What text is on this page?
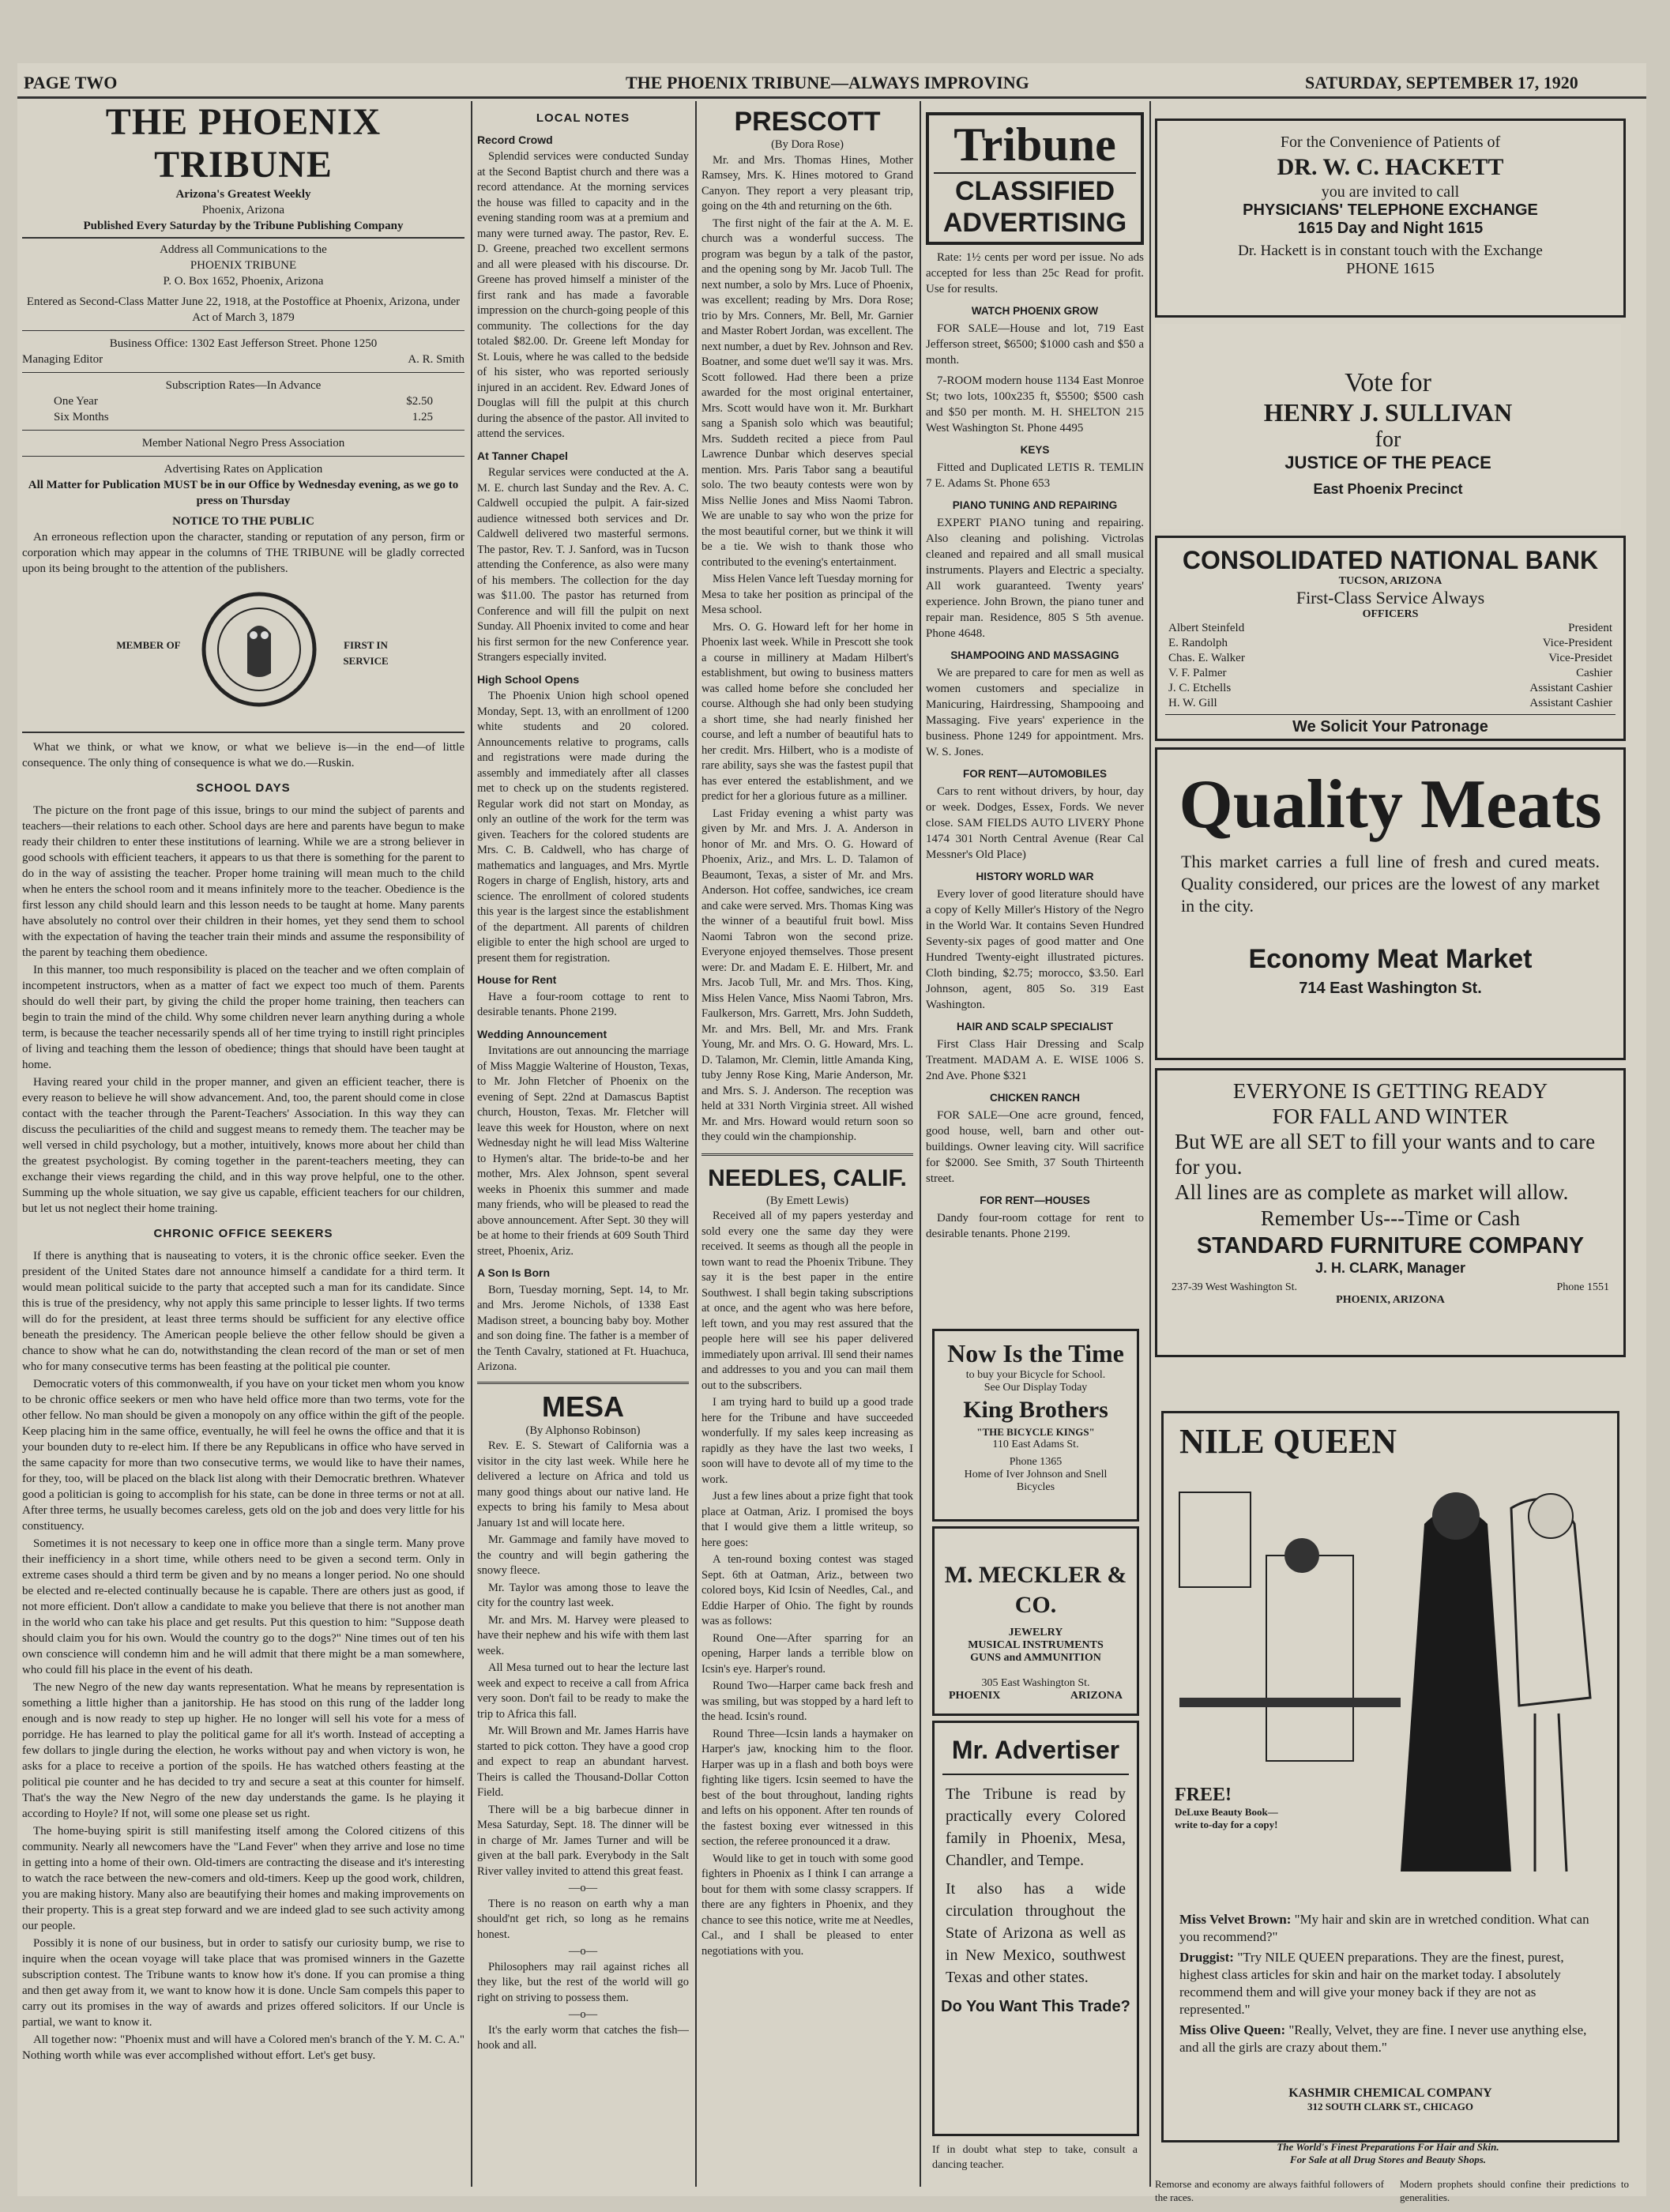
PAGE TWO	THE PHOENIX TRIBUNE—ALWAYS IMPROVING	SATURDAY, SEPTEMBER 17, 1920
THE PHOENIX TRIBUNE
Arizona's Greatest Weekly
Phoenix, Arizona
Published Every Saturday by the Tribune Publishing Company
Address all Communications to the
PHOENIX TRIBUNE
P. O. Box 1652, Phoenix, Arizona
Entered as Second-Class Matter June 22, 1918, at the Postoffice at Phoenix, Arizona, under Act of March 3, 1879
Business Office: 1302 East Jefferson Street. Phone 1250
Managing Editor	A. R. Smith
Subscription Rates—In Advance
One Year	$2.50
Six Months	1.25
Member National Negro Press Association
Advertising Rates on Application
All Matter for Publication MUST be in our Office by Wednesday evening, as we go to press on Thursday
NOTICE TO THE PUBLIC

An erroneous reflection upon the character, standing or reputation of any person, firm or corporation which may appear in the columns of THE TRIBUNE will be gladly corrected upon its being brought to the attention of the publishers.

MEMBER OF	FIRST IN SERVICE

What we think, or what we know, or what we believe is—in the end—of little consequence. The only thing of consequence is what we do.—Ruskin.

SCHOOL DAYS

The picture on the front page of this issue, brings to our mind the subject of parents and teachers—their relations to each other. School days are here and parents have begun to make ready their children to enter these institutions of learning. While we are a strong believer in good schools with efficient teachers, it appears to us that there is something for the parent to do in the way of assisting the teacher. Proper home training will mean much to the child when he enters the school room and it means infinitely more to the teacher. Obedience is the first lesson any child should learn and this lesson needs to be taught at home. Many parents have absolutely no control over their children in their homes, yet they send them to school with the expectation of having the teacher train their minds and assume the responsibility of the parent by teaching them obedience.

In this manner, too much responsibility is placed on the teacher and we often complain of incompetent instructors, when as a matter of fact we expect too much of them. Parents should do well their part, by giving the child the proper home training, then teachers can begin to train the mind of the child. Why some children never learn anything during a whole term, is because the teacher necessarily spends all of her time trying to instill right principles of living and teaching them the lesson of obedience; things that should have been taught at home.

Having reared your child in the proper manner, and given an efficient teacher, there is every reason to believe he will show advancement. And, too, the parent should come in close contact with the teacher through the Parent-Teachers' Association. In this way they can discuss the peculiarities of the child and suggest means to remedy them. The teacher may be well versed in child psychology, but a mother, intuitively, knows more about her child than the greatest psychologist. By coming together in the parent-teachers meeting, they can exchange their views regarding the child, and in this way prove helpful, one to the other. Summing up the whole situation, we say give us capable, efficient teachers for our children, but let us not neglect their home training.

CHRONIC OFFICE SEEKERS

If there is anything that is nauseating to voters, it is the chronic office seeker. Even the president of the United States dare not announce himself a candidate for a third term. It would mean political suicide to the party that accepted such a man for its candidate. Since this is true of the presidency, why not apply this same principle to lesser lights. If two terms will do for the president, at least three terms should be sufficient for any elective office beneath the presidency. The American people believe the other fellow should be given a chance to show what he can do, notwithstanding the clean record of the man or set of men who for many consecutive terms has been feasting at the political pie counter.

Democratic voters of this commonwealth, if you have on your ticket men whom you know to be chronic office seekers or men who have held office more than two terms, vote for the other fellow. No man should be given a monopoly on any office within the gift of the people. Keep placing him in the same office, eventually, he will feel he owns the office and that it is your bounden duty to re-elect him. If there be any Republicans in office who have served in the same capacity for more than two consecutive terms, we would like to have their names, for they, too, will be placed on the black list along with their Democratic brethren. Whatever good a politician is going to accomplish for his state, can be done in three terms or not at all. After three terms, he usually becomes careless, gets old on the job and does very little for his constituency.

Sometimes it is not necessary to keep one in office more than a single term. Many prove their inefficiency in a short time, while others need to be given a second term. Only in extreme cases should a third term be given and by no means a longer period. No one should be elected and re-elected continually because he is capable. There are others just as good, if not more efficient. Don't allow a candidate to make you believe that there is not another man in the world who can take his place and get results. Put this question to him: "Suppose death should claim you for his own. Would the country go to the dogs?" Nine times out of ten his own conscience will condemn him and he will admit that there might be a man somewhere, who could fill his place in the event of his death.

The new Negro of the new day wants representation. What he means by representation is something a little higher than a janitorship. He has stood on this rung of the ladder long enough and is now ready to step up higher. He no longer will sell his vote for a mess of porridge. He has learned to play the political game for all it's worth. Instead of accepting a few dollars to jingle during the election, he works without pay and when victory is won, he asks for a place to receive a portion of the spoils. He has watched others feasting at the political pie counter and he has decided to try and secure a seat at this counter for himself. That's the way the New Negro of the new day understands the game. Is he playing it according to Hoyle? If not, will some one please set us right.

The home-buying spirit is still manifesting itself among the Colored citizens of this community. Nearly all newcomers have the "Land Fever" when they arrive and lose no time in getting into a home of their own. Old-timers are contracting the disease and it's interesting to watch the race between the new-comers and old-timers. Keep up the good work, children, you are making history. Many also are beautifying their homes and making improvements on their property. This is a great step forward and we are indeed glad to see such activity among our people.

Possibly it is none of our business, but in order to satisfy our curiosity bump, we rise to inquire when the ocean voyage will take place that was promised winners in the Gazette subscription contest. The Tribune wants to know how it's done. If you can promise a thing and then get away from it, we want to know how it is done. Uncle Sam compels this paper to carry out its promises in the way of awards and prizes offered solicitors. If our Uncle is partial, we want to know it.

All together now: "Phoenix must and will have a Colored men's branch of the Y. M. C. A." Nothing worth while was ever accomplished without effort. Let's get busy.

LOCAL NOTES
Record Crowd

Splendid services were conducted Sunday at the Second Baptist church and there was a record attendance. At the morning services the house was filled to capacity and in the evening standing room was at a premium and many were turned away. The pastor, Rev. E. D. Greene, preached two excellent sermons and all were pleased with his discourse. Dr. Greene has proved himself a minister of the first rank and has made a favorable impression on the church-going people of this community. The collections for the day totaled $82.00. Dr. Greene left Monday for St. Louis, where he was called to the bedside of his sister, who was reported seriously injured in an accident. Rev. Edward Jones of Douglas will fill the pulpit at this church during the absence of the pastor. All invited to attend the services.

At Tanner Chapel

Regular services were conducted at the A. M. E. church last Sunday and the Rev. A. C. Caldwell occupied the pulpit. A fair-sized audience witnessed both services and Dr. Caldwell delivered two masterful sermons. The pastor, Rev. T. J. Sanford, was in Tucson attending the Conference, as also were many of his members. The collection for the day was $11.00. The pastor has returned from Conference and will fill the pulpit on next Sunday. All Phoenix invited to come and hear his first sermon for the new Conference year. Strangers especially invited.

High School Opens

The Phoenix Union high school opened Monday, Sept. 13, with an enrollment of 1200 white students and 20 colored. Announcements relative to programs, calls and registrations were made during the assembly and immediately after all classes met to check up on the students registered. Regular work did not start on Monday, as only an outline of the work for the term was given. Teachers for the colored students are Mrs. C. B. Caldwell, who has charge of mathematics and languages, and Mrs. Myrtle Rogers in charge of English, history, arts and science. The enrollment of colored students this year is the largest since the establishment of the department. All parents of children eligible to enter the high school are urged to present them for registration.

House for Rent

Have a four-room cottage to rent to desirable tenants. Phone 2199.

Wedding Announcement

Invitations are out announcing the marriage of Miss Maggie Walterine of Houston, Texas, to Mr. John Fletcher of Phoenix on the evening of Sept. 22nd at Damascus Baptist church, Houston, Texas. Mr. Fletcher will leave this week for Houston, where on next Wednesday night he will lead Miss Walterine to Hymen's altar. The bride-to-be and her mother, Mrs. Alex Johnson, spent several weeks in Phoenix this summer and made many friends, who will be pleased to read the above announcement. After Sept. 30 they will be at home to their friends at 609 South Third street, Phoenix, Ariz.

A Son Is Born

Born, Tuesday morning, Sept. 14, to Mr. and Mrs. Jerome Nichols, of 1338 East Madison street, a bouncing baby boy. Mother and son doing fine. The father is a member of the Tenth Cavalry, stationed at Ft. Huachuca, Arizona.

MESA
(By Alphonso Robinson)

Rev. E. S. Stewart of California was a visitor in the city last week. While here he delivered a lecture on Africa and told us many good things about our native land. He expects to bring his family to Mesa about January 1st and will locate here.

Mr. Gammage and family have moved to the country and will begin gathering the snowy fleece.

Mr. Taylor was among those to leave the city for the country last week.

Mr. and Mrs. M. Harvey were pleased to have their nephew and his wife with them last week.

All Mesa turned out to hear the lecture last week and expect to receive a call from Africa very soon. Don't fail to be ready to make the trip to Africa this fall.

Mr. Will Brown and Mr. James Harris have started to pick cotton. They have a good crop and expect to reap an abundant harvest. Theirs is called the Thousand-Dollar Cotton Field.

There will be a big barbecue dinner in Mesa Saturday, Sept. 18. The dinner will be in charge of Mr. James Turner and will be given at the ball park. Everybody in the Salt River valley invited to attend this great feast.

—o—

There is no reason on earth why a man should'nt get rich, so long as he remains honest.

—o—

Philosophers may rail against riches all they like, but the rest of the world will go right on striving to possess them.

—o—

It's the early worm that catches the fish—hook and all.

PRESCOTT
(By Dora Rose)

Mr. and Mrs. Thomas Hines, Mother Ramsey, Mrs. K. Hines motored to Grand Canyon. They report a very pleasant trip, going on the 4th and returning on the 6th.

The first night of the fair at the A. M. E. church was a wonderful success. The program was begun by a talk of the pastor, and the opening song by Mr. Jacob Tull. The next number, a solo by Mrs. Luce of Phoenix, was excellent; reading by Mrs. Dora Rose; trio by Mrs. Conners, Mr. Bell, Mr. Garnier and Master Robert Jordan, was excellent. The next number, a duet by Rev. Johnson and Rev. Boatner, and some duet we'll say it was. Mrs. Scott followed. Had there been a prize awarded for the most original entertainer, Mrs. Scott would have won it. Mr. Burkhart sang a Spanish solo which was beautiful; Mrs. Suddeth recited a piece from Paul Lawrence Dunbar which deserves special mention. Mrs. Paris Tabor sang a beautiful solo. The two beauty contests were won by Miss Nellie Jones and Miss Naomi Tabron. We are unable to say who won the prize for the most beautiful corner, but we think it will be a tie. We wish to thank those who contributed to the evening's entertainment.

Miss Helen Vance left Tuesday morning for Mesa to take her position as principal of the Mesa school.

Mrs. O. G. Howard left for her home in Phoenix last week. While in Prescott she took a course in millinery at Madam Hilbert's establishment, but owing to business matters was called home before she concluded her course. Although she had only been studying a short time, she had nearly finished her course, and left a number of beautiful hats to her credit. Mrs. Hilbert, who is a modiste of rare ability, says she was the fastest pupil that has ever entered the establishment, and we predict for her a glorious future as a milliner.

Last Friday evening a whist party was given by Mr. and Mrs. J. A. Anderson in honor of Mr. and Mrs. O. G. Howard of Phoenix, Ariz., and Mrs. L. D. Talamon of Beaumont, Texas, a sister of Mr. and Mrs. Anderson. Hot coffee, sandwiches, ice cream and cake were served. Mrs. Thomas King was the winner of a beautiful fruit bowl. Miss Naomi Tabron won the second prize. Everyone enjoyed themselves. Those present were: Dr. and Madam E. E. Hilbert, Mr. and Mrs. Jacob Tull, Mr. and Mrs. Thos. King, Miss Helen Vance, Miss Naomi Tabron, Mrs. Faulkerson, Mrs. Garrett, Mrs. John Suddeth, Mr. and Mrs. Bell, Mr. and Mrs. Frank Young, Mr. and Mrs. O. G. Howard, Mrs. L. D. Talamon, Mr. Clemin, little Amanda King, tuby Jenny Rose King, Marie Anderson, Mr. and Mrs. S. J. Anderson. The reception was held at 331 North Virginia street. All wished Mr. and Mrs. Howard would return soon so they could win the championship.

NEEDLES, CALIF.
(By Emett Lewis)

Received all of my papers yesterday and sold every one the same day they were received. It seems as though all the people in town want to read the Phoenix Tribune. They say it is the best paper in the entire Southwest. I shall begin taking subscriptions at once, and the agent who was here before, left town, and you may rest assured that the people here will see his paper delivered immediately upon arrival. Ill send their names and addresses to you and you can mail them out to the subscribers.

I am trying hard to build up a good trade here for the Tribune and have succeeded wonderfully. If my sales keep increasing as rapidly as they have the last two weeks, I soon will have to devote all of my time to the work.

Just a few lines about a prize fight that took place at Oatman, Ariz. I promised the boys that I would give them a little writeup, so here goes:

A ten-round boxing contest was staged Sept. 6th at Oatman, Ariz., between two colored boys, Kid Icsin of Needles, Cal., and Eddie Harper of Ohio. The fight by rounds was as follows:

Round One—After sparring for an opening, Harper lands a terrible blow on Icsin's eye. Harper's round.

Round Two—Harper came back fresh and was smiling, but was stopped by a hard left to the head. Icsin's round.

Round Three—Icsin lands a haymaker on Harper's jaw, knocking him to the floor. Harper was up in a flash and both boys were fighting like tigers. Icsin seemed to have the best of the bout throughout, landing rights and lefts on his opponent. After ten rounds of the fastest boxing ever witnessed in this section, the referee pronounced it a draw.

Would like to get in touch with some good fighters in Phoenix as I think I can arrange a bout for them with some classy scrappers. If there are any fighters in Phoenix, and they chance to see this notice, write me at Needles, Cal., and I shall be pleased to enter negotiations with you.

Tribune
CLASSIFIED
ADVERTISING

Rate: 1½ cents per word per issue. No ads accepted for less than 25c Read for profit. Use for results.

WATCH PHOENIX GROW

FOR SALE—House and lot, 719 East Jefferson street, $6500; $1000 cash and $50 a month.

7-ROOM modern house 1134 East Monroe St; two lots, 100x235 ft, $5500; $500 cash and $50 per month. M. H. SHELTON 215 West Washington St. Phone 4495

KEYS

Fitted and Duplicated LETIS R. TEMLIN 7 E. Adams St. Phone 653

PIANO TUNING AND REPAIRING

EXPERT PIANO tuning and repairing. Also cleaning and polishing. Victrolas cleaned and repaired and all small musical instruments. Players and Electric a specialty. All work guaranteed. Twenty years' experience. John Brown, the piano tuner and repair man. Residence, 805 S 5th avenue. Phone 4648.

SHAMPOOING AND MASSAGING

We are prepared to care for men as well as women customers and specialize in Manicuring, Hairdressing, Shampooing and Massaging. Five years' experience in the business. Phone 1249 for appointment. Mrs. W. S. Jones.

FOR RENT—AUTOMOBILES

Cars to rent without drivers, by hour, day or week. Dodges, Essex, Fords. We never close. SAM FIELDS AUTO LIVERY Phone 1474 301 North Central Avenue (Rear Cal Messner's Old Place)

HISTORY WORLD WAR

Every lover of good literature should have a copy of Kelly Miller's History of the Negro in the World War. It contains Seven Hundred Seventy-six pages of good matter and One Hundred Twenty-eight illustrated pictures. Cloth binding, $2.75; morocco, $3.50. Earl Johnson, agent, 805 So. 319 East Washington.

HAIR AND SCALP SPECIALIST

First Class Hair Dressing and Scalp Treatment. MADAM A. E. WISE 1006 S. 2nd Ave. Phone $321

CHICKEN RANCH

FOR SALE—One acre ground, fenced, good house, well, barn and other out-buildings. Owner leaving city. Will sacrifice for $2000. See Smith, 37 South Thirteenth street.

FOR RENT—HOUSES

Dandy four-room cottage for rent to desirable tenants. Phone 2199.

Now Is the Time
to buy your Bicycle for School.
See Our Display Today
King Brothers
"THE BICYCLE KINGS"
110 East Adams St.
Phone 1365
Home of Iver Johnson and Snell Bicycles
M. MECKLER & CO.
JEWELRY
MUSICAL INSTRUMENTS
GUNS and AMMUNITION
305 East Washington St.
PHOENIX	ARIZONA
Mr. Advertiser
The Tribune is read by practically every Colored family in Phoenix, Mesa, Chandler, and Tempe.
It also has a wide circulation throughout the State of Arizona as well as in New Mexico, southwest Texas and other states.
Do You Want This Trade?
If in doubt what step to take, consult a dancing teacher.
For the Convenience of Patients of
DR. W. C. HACKETT
you are invited to call
PHYSICIANS' TELEPHONE EXCHANGE
1615 Day and Night 1615
Dr. Hackett is in constant touch with the Exchange
PHONE 1615
Vote for
HENRY J. SULLIVAN
for
JUSTICE OF THE PEACE
East Phoenix Precinct
CONSOLIDATED NATIONAL BANK
TUCSON, ARIZONA
First-Class Service Always
OFFICERS
Albert Steinfeld	President
E. Randolph	Vice-President
Chas. E. Walker	Vice-Presidet
V. F. Palmer	Cashier
J. C. Etchells	Assistant Cashier
H. W. Gill	Assistant Cashier
We Solicit Your Patronage
Quality Meats
This market carries a full line of fresh and cured meats. Quality considered, our prices are the lowest of any market in the city.
Economy Meat Market
714 East Washington St.
EVERYONE IS GETTING READY
FOR FALL AND WINTER
But WE are all SET to fill your wants and to care for you.
All lines are as complete as market will allow.
Remember Us---Time or Cash
STANDARD FURNITURE COMPANY
J. H. CLARK, Manager
237-39 West Washington St.	Phone 1551
PHOENIX, ARIZONA
NILE QUEEN
FREE!
DeLuxe Beauty Book—write to-day for a copy!
Miss Velvet Brown: "My hair and skin are in wretched condition. What can you recommend?"
Druggist: "Try NILE QUEEN preparations. They are the finest, purest, highest class articles for skin and hair on the market today. I absolutely recommend them and will give your money back if they are not as represented."
Miss Olive Queen: "Really, Velvet, they are fine. I never use anything else, and all the girls are crazy about them."
KASHMIR CHEMICAL COMPANY
312 SOUTH CLARK ST., CHICAGO
The World's Finest Preparations For Hair and Skin.
For Sale at all Drug Stores and Beauty Shops.
Remorse and economy are always faithful followers of the races.
Modern prophets should confine their predictions to generalities.
